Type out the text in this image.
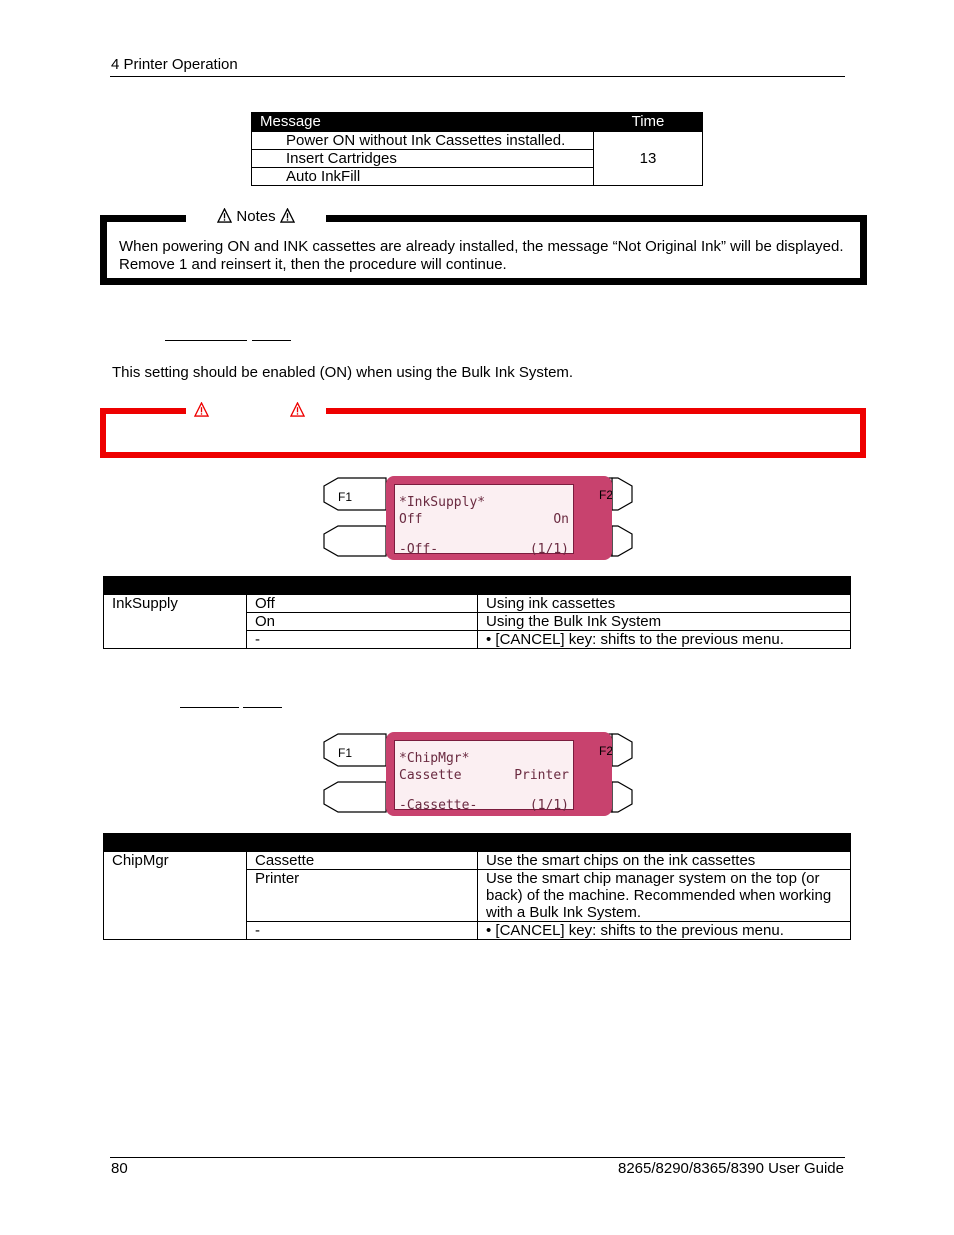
4 Printer Operation
Message	Time
Power ON without Ink Cassettes installed.	13
Insert Cartridges	
Auto InkFill	
When powering ON and INK cassettes are already installed, the message “Not Original Ink” will be displayed. Remove 1 and reinsert it, then the procedure will continue.
Notes
This setting should be enabled (ON) when using the Bulk Ink System.
*InkSupply*
Off	On
-Off-	(1/1)
F1	F2

InkSupply	Off	Using ink cassettes
	On	Using the Bulk Ink System
	-	• [CANCEL] key: shifts to the previous menu.
*ChipMgr*
Cassette	Printer
-Cassette-	(1/1)
F1	F2

ChipMgr	Cassette	Use the smart chips on the ink cassettes
	Printer	Use the smart chip manager system on the top (or back) of the machine. Recommended when working with a Bulk Ink System.
	-	• [CANCEL] key: shifts to the previous menu.
80	8265/8290/8365/8390 User Guide
